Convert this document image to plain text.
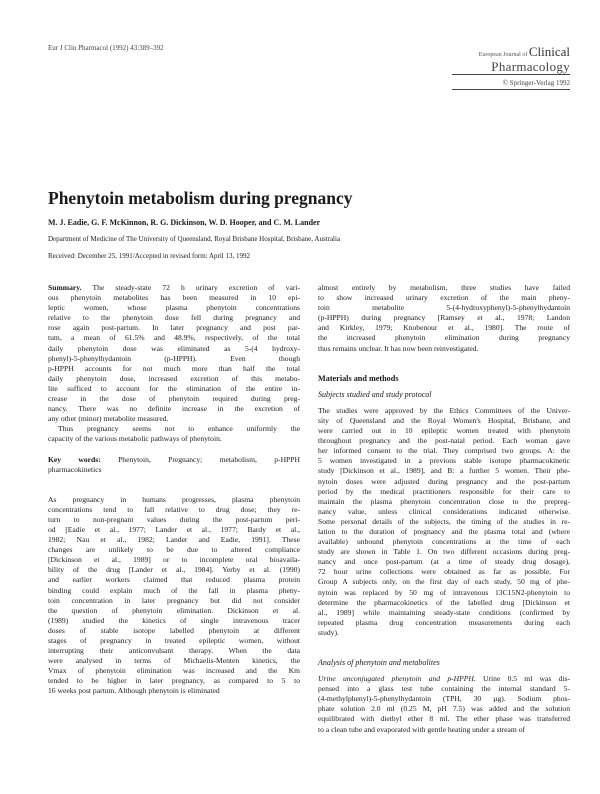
Eur J Clin Pharmacol (1992) 43:389–392
European Journal of Clinical
Pharmacology
© Springer-Verlag 1992
Phenytoin metabolism during pregnancy
M. J. Eadie, G. F. McKinnon, R. G. Dickinson, W. D. Hooper, and C. M. Lander
Department of Medicine of The University of Queensland, Royal Brisbane Hospital, Brisbane, Australia
Received: December 25, 1991/Accepted in revised form: April 13, 1992
Summary. The steady-state 72 h urinary excretion of vari-
ous phenytoin metabolites has been measured in 10 epi-
leptic women, whose plasma phenytoin concentrations
relative to the phenytoin dose fell during pregnancy and
rose again post-partum. In later pregnancy and post par-
tum, a mean of 61.5% and 48.9%, respectively, of the total
daily phenytoin dose was eliminated as 5-(4 hydroxy-
phenyl)-5-phenylhydantoin (p-HPPH). Even though
p-HPPH accounts for not much more than half the total
daily phenytoin dose, increased excretion of this metabo-
lite sufficed to account for the elimination of the entire in-
crease in the dose of phenytoin required during preg-
nancy. There was no definite increase in the excretion of
any other (minor) metabolite measured.
Thus pregnancy seems not to enhance uniformly the
capacity of the various metabolic pathways of phenytoin.
Key words: Phenytoin, Pregnancy; metabolism, p-HPPH
pharmacokinetics
As pregnancy in humans progresses, plasma phenytoin
concentrations tend to fall relative to drug dose; they re-
turn to non-pregnant values during the post-partum peri-
od [Eadie et al., 1977; Lander et al., 1977; Bardy et al.,
1982; Nau et al., 1982; Lander and Eadie, 1991]. These
changes are unlikely to be due to altered compliance
[Dickinson et al., 1989] or to incomplete oral bioavaila-
bility of the drug [Lander et al., 1984]. Yerby et al. (1990)
and earlier workers claimed that reduced plasma protein
binding could explain much of the fall in plasma pheny-
toin concentration in later pregnancy but did not consider
the question of phenytoin elimination. Dickinson et al.
(1989) studied the kinetics of single intravenous tracer
doses of stable isotope labelled phenytoin at different
stages of pregnancy in treated epileptic women, without
interrupting their anticonvulsant therapy. When the data
were analysed in terms of Michaelis-Menten kinetics, the
Vmax of phenytoin elimination was increased and the Km
tended to be higher in later pregnancy, as compared to 5 to
16 weeks post partum. Although phenytoin is eliminated
almost entirely by metabolism, three studies have failed
to show increased urinary excretion of the main pheny-
toin metabolite 5-(4-hydroxyphenyl)-5-phenylhydantoin
(p-HPPH) during pregnancy [Ramsey et al., 1978; Landon
and Kirkley, 1979; Knobenour et al., 1980]. The route of
the increased phenytoin elimination during pregnancy
thus remains unclear. It has now been reinvestigated.
Materials and methods
Subjects studied and study protocol
The studies were approved by the Ethics Committees of the Univer-
sity of Queensland and the Royal Women's Hospital, Brisbane, and
were carried out in 10 epileptic women treated with phenytoin
throughout pregnancy and the post-natal period. Each woman gave
her informed consent to the trial. They comprised two groups. A: the
5 women investigated in a previous stable isotope pharmacokinetic
study [Dickinson et al., 1989], and B: a further 5 women. Their phe-
nytoin doses were adjusted during pregnancy and the post-partum
period by the medical practitioners responsible for their care to
maintain the plasma phenytoin concentration close to the prepreg-
nancy value, unless clinical considerations indicated otherwise.
Some personal details of the subjects, the timing of the studies in re-
lation to the duration of pregnancy and the plasma total and (where
available) unbound phenytoin concentrations at the time of each
study are shown in Table 1. On two different occasions during preg-
nancy and once post-partum (at a time of steady drug dosage),
72 hour urine collections were obtained as far as possible. For
Group A subjects only, on the first day of each study, 50 mg of phe-
nytoin was replaced by 50 mg of intravenous 13C15N2-phenytoin to
determine the pharmacokinetics of the labelled drug [Dickinson et
al., 1989] while maintaining steady-state conditions (confirmed by
repeated plasma drug concentration measurements during each
study).
Analysis of phenytoin and metabolites
Urine unconjugated phenytoin and p-HPPH. Urine 0.5 ml was dis-
pensed into a glass test tube containing the internal standard 5-
(4-methylphenyl)-5-phenylhydantoin (TPH, 30 µg). Sodium phos-
phate solution 2.0 ml (0.25 M, pH 7.5) was added and the solution
equilibrated with diethyl ether 8 ml. The ether phase was transferred
to a clean tube and evaporated with gentle heating under a stream of
